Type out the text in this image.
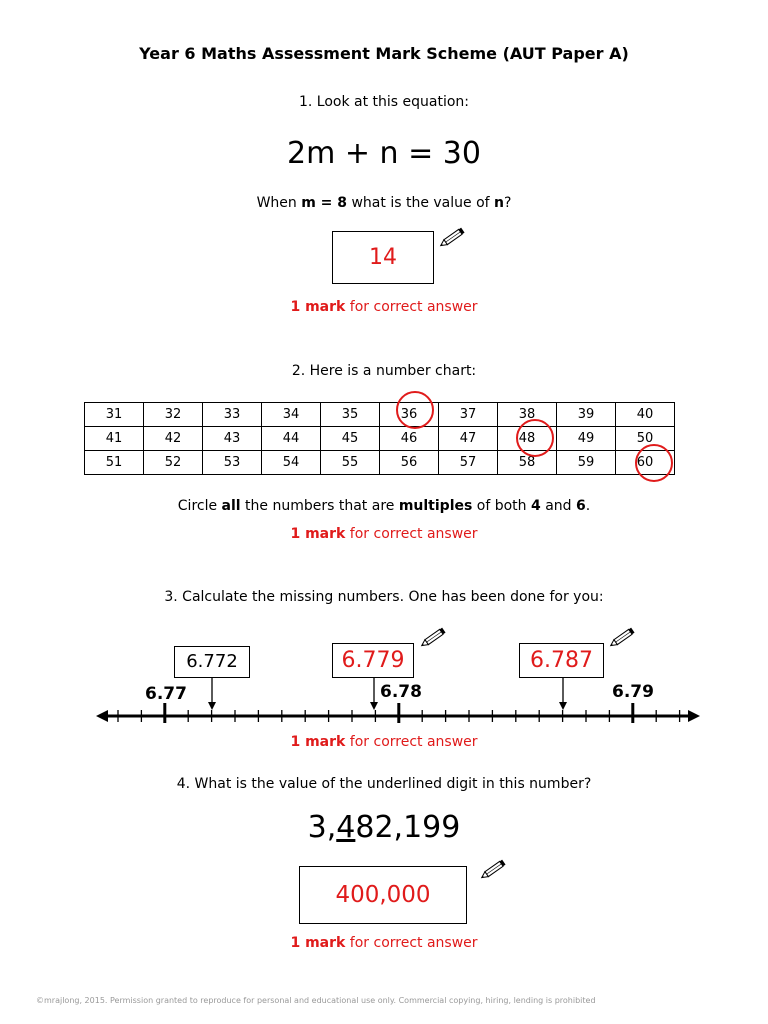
Year 6 Maths Assessment Mark Scheme (AUT Paper A)
1. Look at this equation:
2m + n = 30
When m = 8 what is the value of n?
14
1 mark for correct answer
2. Here is a number chart:
31	32	33	34	35	36	37	38	39	40
41	42	43	44	45	46	47	48	49	50
51	52	53	54	55	56	57	58	59	60
Circle all the numbers that are multiples of both 4 and 6.
1 mark for correct answer
3. Calculate the missing numbers. One has been done for you:
6.772	6.779	6.787
6.77	6.78	6.79
1 mark for correct answer
4. What is the value of the underlined digit in this number?
3,482,199
400,000
1 mark for correct answer
©mrajlong, 2015. Permission granted to reproduce for personal and educational use only. Commercial copying, hiring, lending is prohibited
